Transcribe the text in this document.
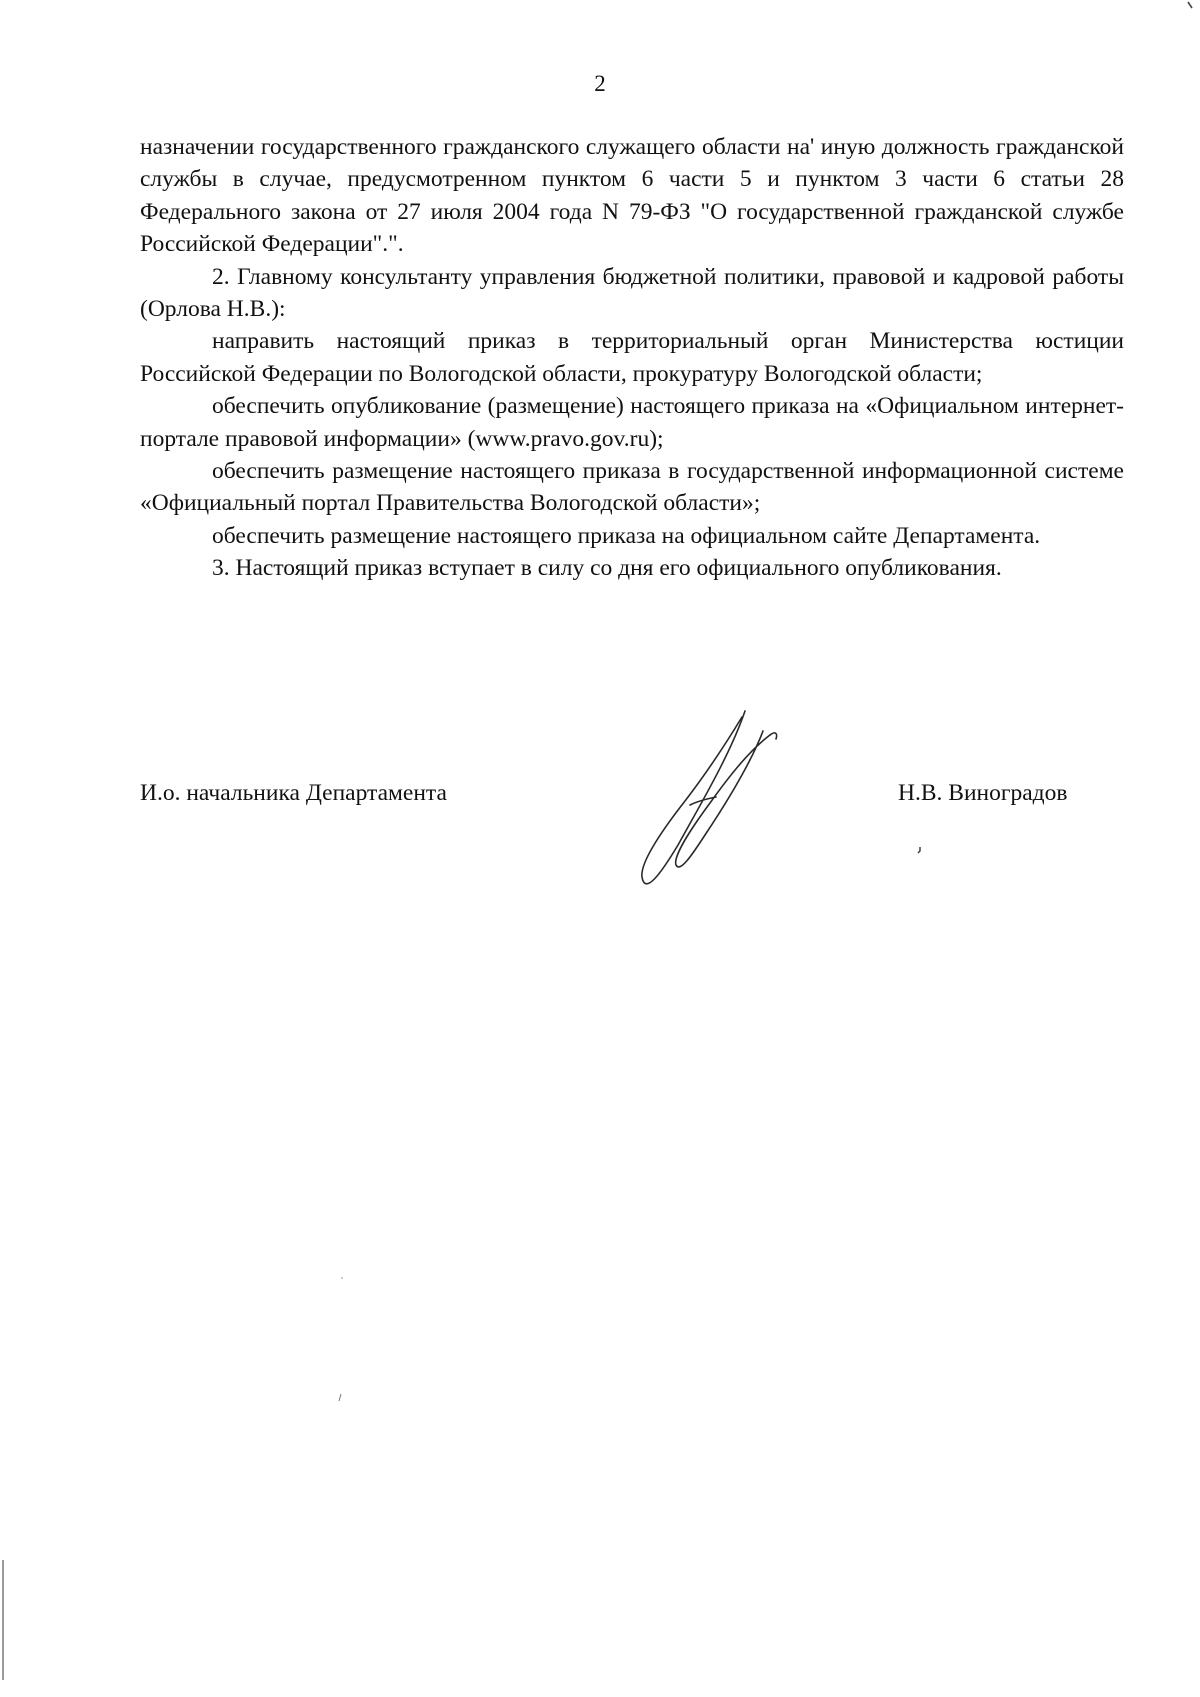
2

назначении государственного гражданского служащего области на' иную должность гражданской службы в случае, предусмотренном пунктом 6 части 5 и пунктом 3 части 6 статьи 28 Федерального закона от 27 июля 2004 года N 79-ФЗ "О государственной гражданской службе Российской Федерации".".

2. Главному консультанту управления бюджетной политики, правовой и кадровой работы (Орлова Н.В.):

направить настоящий приказ в территориальный орган Министерства юстиции Российской Федерации по Вологодской области, прокуратуру Вологодской области;

обеспечить опубликование (размещение) настоящего приказа на «Официальном интернет-портале правовой информации» (www.pravo.gov.ru);

обеспечить размещение настоящего приказа в государственной информационной системе «Официальный портал Правительства Вологодской области»;

обеспечить размещение настоящего приказа на официальном сайте Департамента.

3. Настоящий приказ вступает в силу со дня его официального опубликования.

И.о. начальника Департамента	Н.В. Виноградов
